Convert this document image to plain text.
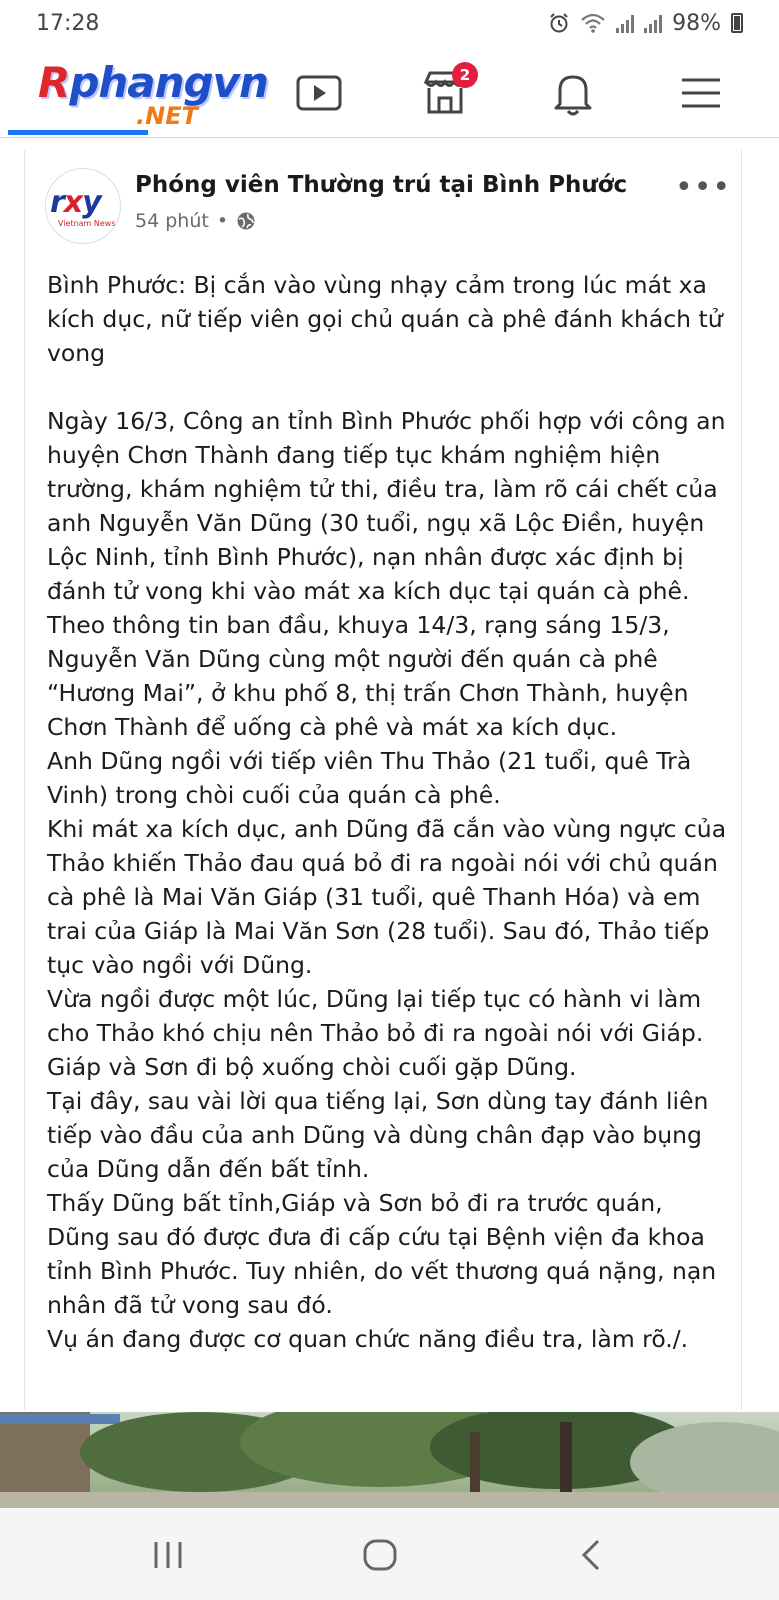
17:28	98%
Rphangvn
.NET
2
rxy
Vietnam News
Phóng viên Thường trú tại Bình Phước
54 phút •
•••

Bình Phước: Bị cắn vào vùng nhạy cảm trong lúc mát xa kích dục, nữ tiếp viên gọi chủ quán cà phê đánh khách tử vong

Ngày 16/3, Công an tỉnh Bình Phước phối hợp với công an huyện Chơn Thành đang tiếp tục khám nghiệm hiện trường, khám nghiệm tử thi, điều tra, làm rõ cái chết của anh Nguyễn Văn Dũng (30 tuổi, ngụ xã Lộc Điền, huyện Lộc Ninh, tỉnh Bình Phước), nạn nhân được xác định bị đánh tử vong khi vào mát xa kích dục tại quán cà phê.

Theo thông tin ban đầu, khuya 14/3, rạng sáng 15/3, Nguyễn Văn Dũng cùng một người đến quán cà phê “Hương Mai”, ở khu phố 8, thị trấn Chơn Thành, huyện Chơn Thành để uống cà phê và mát xa kích dục.

Anh Dũng ngồi với tiếp viên Thu Thảo (21 tuổi, quê Trà Vinh) trong chòi cuối của quán cà phê.

Khi mát xa kích dục, anh Dũng đã cắn vào vùng ngực của Thảo khiến Thảo đau quá bỏ đi ra ngoài nói với chủ quán cà phê là Mai Văn Giáp (31 tuổi, quê Thanh Hóa) và em trai của Giáp là Mai Văn Sơn (28 tuổi). Sau đó, Thảo tiếp tục vào ngồi với Dũng.

Vừa ngồi được một lúc, Dũng lại tiếp tục có hành vi làm cho Thảo khó chịu nên Thảo bỏ đi ra ngoài nói với Giáp.

Giáp và Sơn đi bộ xuống chòi cuối gặp Dũng.

Tại đây, sau vài lời qua tiếng lại, Sơn dùng tay đánh liên tiếp vào đầu của anh Dũng và dùng chân đạp vào bụng của Dũng dẫn đến bất tỉnh.

Thấy Dũng bất tỉnh,Giáp và Sơn bỏ đi ra trước quán, Dũng sau đó được đưa đi cấp cứu tại Bệnh viện đa khoa tỉnh Bình Phước. Tuy nhiên, do vết thương quá nặng, nạn nhân đã tử vong sau đó.

Vụ án đang được cơ quan chức năng điều tra, làm rõ./.
